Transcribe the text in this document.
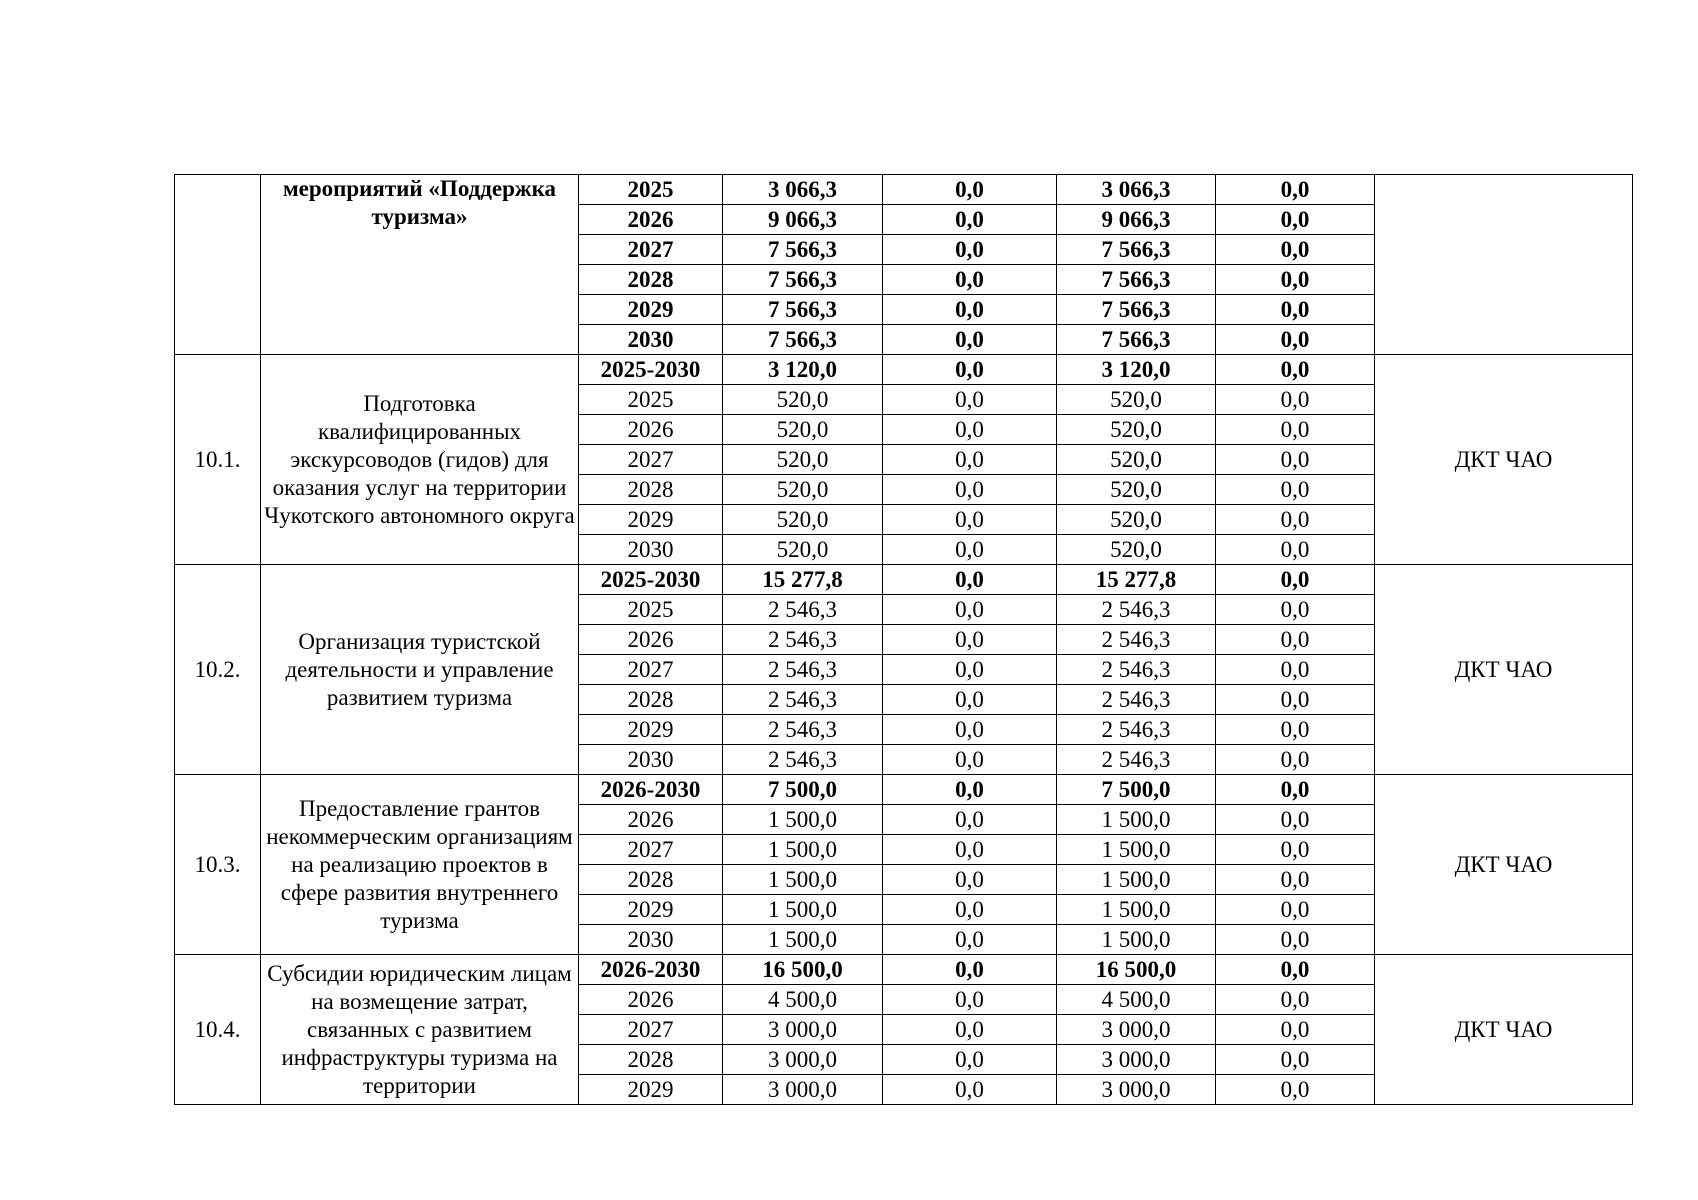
	мероприятий «Поддержка туризма»	2025	3 066,3	0,0	3 066,3	0,0	
		2026	9 066,3	0,0	9 066,3	0,0	
		2027	7 566,3	0,0	7 566,3	0,0	
		2028	7 566,3	0,0	7 566,3	0,0	
		2029	7 566,3	0,0	7 566,3	0,0	
		2030	7 566,3	0,0	7 566,3	0,0	
10.1.	Подготовка квалифицированных экскурсоводов (гидов) для оказания услуг на территории Чукотского автономного округа	2025-2030	3 120,0	0,0	3 120,0	0,0	ДКТ ЧАО
		2025	520,0	0,0	520,0	0,0	
		2026	520,0	0,0	520,0	0,0	
		2027	520,0	0,0	520,0	0,0	
		2028	520,0	0,0	520,0	0,0	
		2029	520,0	0,0	520,0	0,0	
		2030	520,0	0,0	520,0	0,0	
10.2.	Организация туристской деятельности и управление развитием туризма	2025-2030	15 277,8	0,0	15 277,8	0,0	ДКТ ЧАО
		2025	2 546,3	0,0	2 546,3	0,0	
		2026	2 546,3	0,0	2 546,3	0,0	
		2027	2 546,3	0,0	2 546,3	0,0	
		2028	2 546,3	0,0	2 546,3	0,0	
		2029	2 546,3	0,0	2 546,3	0,0	
		2030	2 546,3	0,0	2 546,3	0,0	
10.3.	Предоставление грантов некоммерческим организациям на реализацию проектов в сфере развития внутреннего туризма	2026-2030	7 500,0	0,0	7 500,0	0,0	ДКТ ЧАО
		2026	1 500,0	0,0	1 500,0	0,0	
		2027	1 500,0	0,0	1 500,0	0,0	
		2028	1 500,0	0,0	1 500,0	0,0	
		2029	1 500,0	0,0	1 500,0	0,0	
		2030	1 500,0	0,0	1 500,0	0,0	
10.4.	Субсидии юридическим лицам на возмещение затрат, связанных с развитием инфраструктуры туризма на территории	2026-2030	16 500,0	0,0	16 500,0	0,0	ДКТ ЧАО
		2026	4 500,0	0,0	4 500,0	0,0	
		2027	3 000,0	0,0	3 000,0	0,0	
		2028	3 000,0	0,0	3 000,0	0,0	
		2029	3 000,0	0,0	3 000,0	0,0	
